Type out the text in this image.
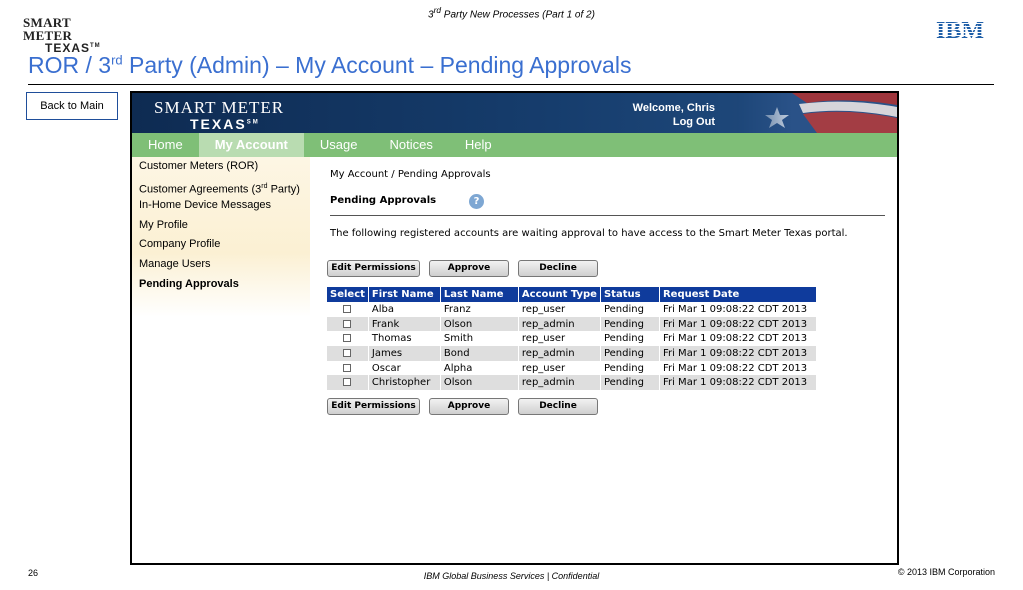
3rd Party New Processes (Part 1 of 2)
SMART METER
TEXAS™
IBM
ROR / 3rd Party (Admin) – My Account – Pending Approvals
Back to Main	SMART METER
TEXAS℠
Welcome, Chris
Log Out
Home	My Account	Usage	Notices	Help
Customer Meters (ROR)
Customer Agreements (3rd Party)
In-Home Device Messages
My Profile
Company Profile
Manage Users
Pending Approvals
My Account / Pending Approvals
Pending Approvals	?
The following registered accounts are waiting approval to have access to the Smart Meter Texas portal.
Edit Permissions	Approve	Decline
Select	First Name	Last Name	Account Type	Status	Request Date
	Alba	Franz	rep_user	Pending	Fri Mar 1 09:08:22 CDT 2013
	Frank	Olson	rep_admin	Pending	Fri Mar 1 09:08:22 CDT 2013
	Thomas	Smith	rep_user	Pending	Fri Mar 1 09:08:22 CDT 2013
	James	Bond	rep_admin	Pending	Fri Mar 1 09:08:22 CDT 2013
	Oscar	Alpha	rep_user	Pending	Fri Mar 1 09:08:22 CDT 2013
	Christopher	Olson	rep_admin	Pending	Fri Mar 1 09:08:22 CDT 2013
Edit Permissions	Approve	Decline
26	IBM Global Business Services | Confidential	© 2013 IBM Corporation
